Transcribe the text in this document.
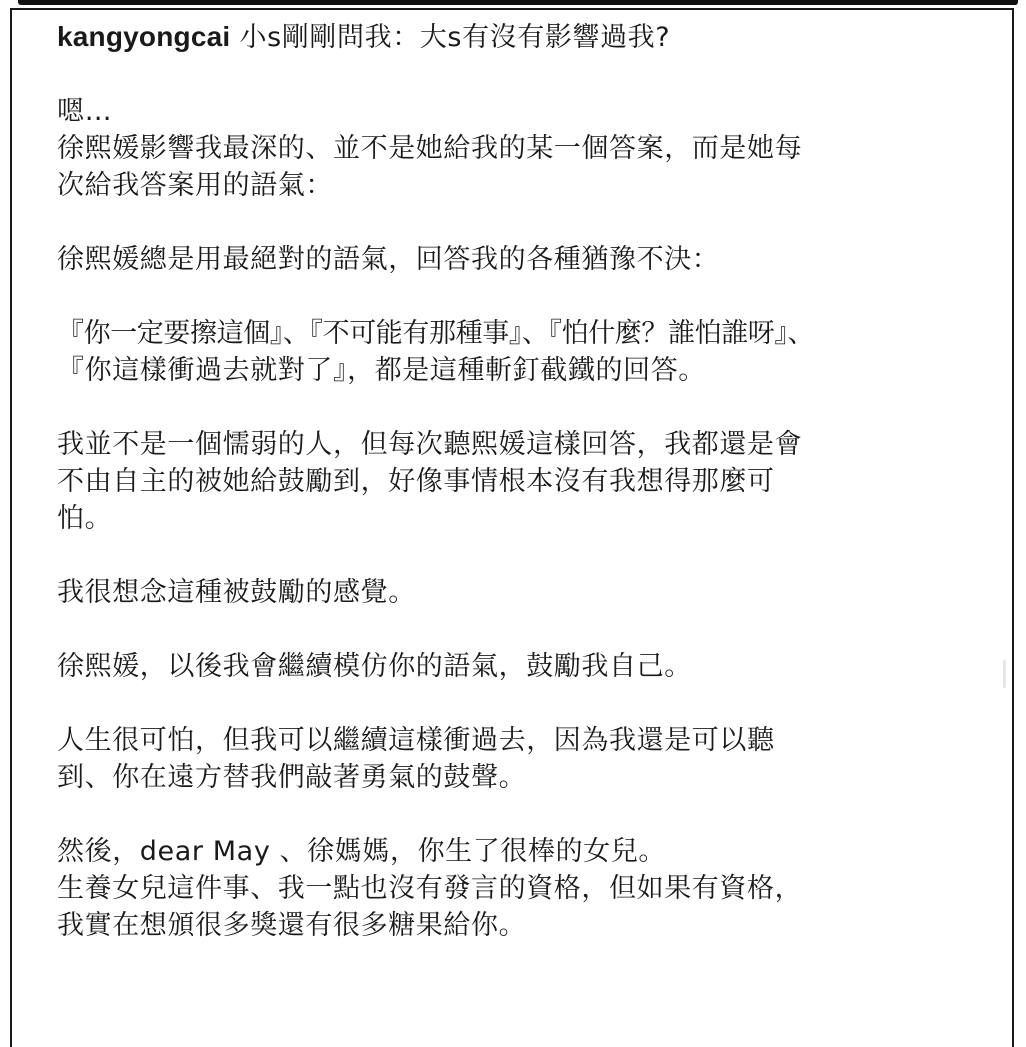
kangyongcai 小s剛剛問我：大s有沒有影響過我?

嗯…

徐熙媛影響我最深的、並不是她給我的某一個答案，而是她每

次給我答案用的語氣：

徐熙媛總是用最絕對的語氣，回答我的各種猶豫不決：

『你一定要擦這個』、『不可能有那種事』、『怕什麼？誰怕誰呀』、

『你這樣衝過去就對了』，都是這種斬釘截鐵的回答。

我並不是一個懦弱的人，但每次聽熙媛這樣回答，我都還是會

不由自主的被她給鼓勵到，好像事情根本沒有我想得那麼可

怕。

我很想念這種被鼓勵的感覺。

徐熙媛，以後我會繼續模仿你的語氣，鼓勵我自己。

人生很可怕，但我可以繼續這樣衝過去，因為我還是可以聽

到、你在遠方替我們敲著勇氣的鼓聲。

然後，dear May 、徐媽媽，你生了很棒的女兒。

生養女兒這件事、我一點也沒有發言的資格，但如果有資格，

我實在想頒很多獎還有很多糖果給你。
